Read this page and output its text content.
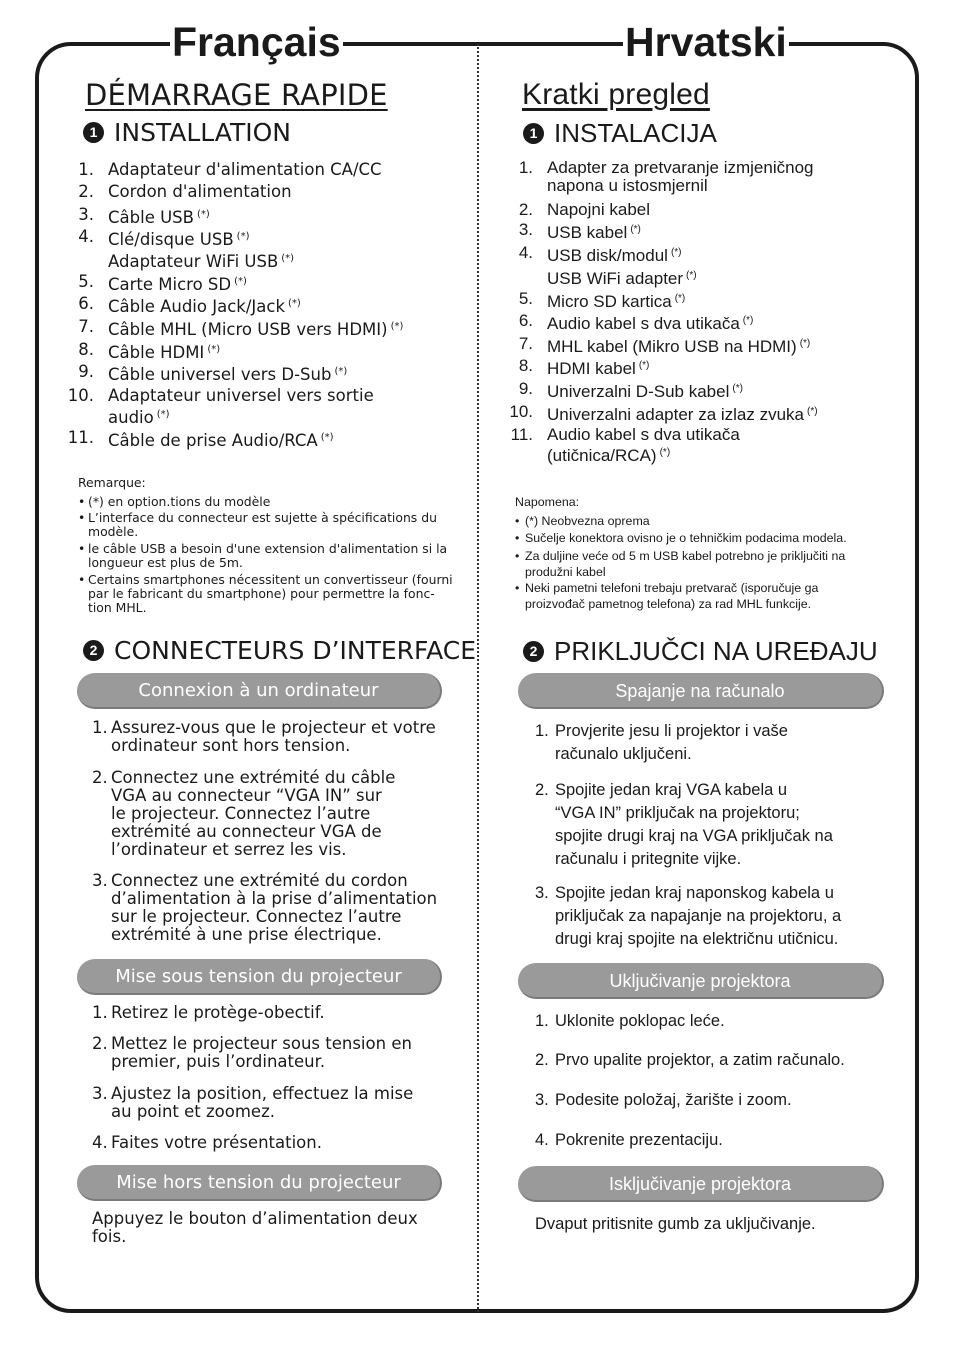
Français	Hrvatski
DÉMARRAGE RAPIDE
1 INSTALLATION
1. Adaptateur d'alimentation CA/CC
2. Cordon d'alimentation
3. Câble USB (*)
4. Clé/disque USB (*)
Adaptateur WiFi USB (*)
5. Carte Micro SD (*)
6. Câble Audio Jack/Jack (*)
7. Câble MHL (Micro USB vers HDMI) (*)
8. Câble HDMI (*)
9. Câble universel vers D-Sub (*)
10. Adaptateur universel vers sortie
audio (*)
11. Câble de prise Audio/RCA (*)
Remarque:
• (*) en option.tions du modèle
• L’interface du connecteur est sujette à spécifications du
modèle.
• le câble USB a besoin d'une extension d'alimentation si la
longueur est plus de 5m.
• Certains smartphones nécessitent un convertisseur (fourni
par le fabricant du smartphone) pour permettre la fonc-
tion MHL.
2 CONNECTEURS D’INTERFACE
Connexion à un ordinateur
Mise sous tension du projecteur
Mise hors tension du projecteur
1. Assurez-vous que le projecteur et votre
ordinateur sont hors tension.
2. Connectez une extrémité du câble
VGA au connecteur “VGA IN” sur
le projecteur. Connectez l’autre
extrémité au connecteur VGA de
l’ordinateur et serrez les vis.
3. Connectez une extrémité du cordon
d’alimentation à la prise d’alimentation
sur le projecteur. Connectez l’autre
extrémité à une prise électrique.
1. Retirez le protège-obectif.
2. Mettez le projecteur sous tension en
premier, puis l’ordinateur.
3. Ajustez la position, effectuez la mise
au point et zoomez.
4. Faites votre présentation.
Appuyez le bouton d’alimentation deux
fois.
Kratki pregled
1 INSTALACIJA
1. Adapter za pretvaranje izmjeničnog
napona u istosmjernil
2. Napojni kabel
3. USB kabel (*)
4. USB disk/modul (*)
USB WiFi adapter (*)
5. Micro SD kartica (*)
6. Audio kabel s dva utikača (*)
7. MHL kabel (Mikro USB na HDMI) (*)
8. HDMI kabel (*)
9. Univerzalni D-Sub kabel (*)
10. Univerzalni adapter za izlaz zvuka (*)
11. Audio kabel s dva utikača
(utičnica/RCA) (*)
Napomena:
• (*) Neobvezna oprema
• Sučelje konektora ovisno je o tehničkim podacima modela.
• Za duljine veće od 5 m USB kabel potrebno je priključiti na
produžni kabel
• Neki pametni telefoni trebaju pretvarač (isporučuje ga
proizvođač pametnog telefona) za rad MHL funkcije.
2 PRIKLJUČCI NA UREĐAJU
Spajanje na računalo
Uključivanje projektora
Isključivanje projektora
1. Provjerite jesu li projektor i vaše
računalo uključeni.
2. Spojite jedan kraj VGA kabela u
“VGA IN” priključak na projektoru;
spojite drugi kraj na VGA priključak na
računalu i pritegnite vijke.
3. Spojite jedan kraj naponskog kabela u
priključak za napajanje na projektoru, a
drugi kraj spojite na električnu utičnicu.
1. Uklonite poklopac leće.
2. Prvo upalite projektor, a zatim računalo.
3. Podesite položaj, žarište i zoom.
4. Pokrenite prezentaciju.
Dvaput pritisnite gumb za uključivanje.
